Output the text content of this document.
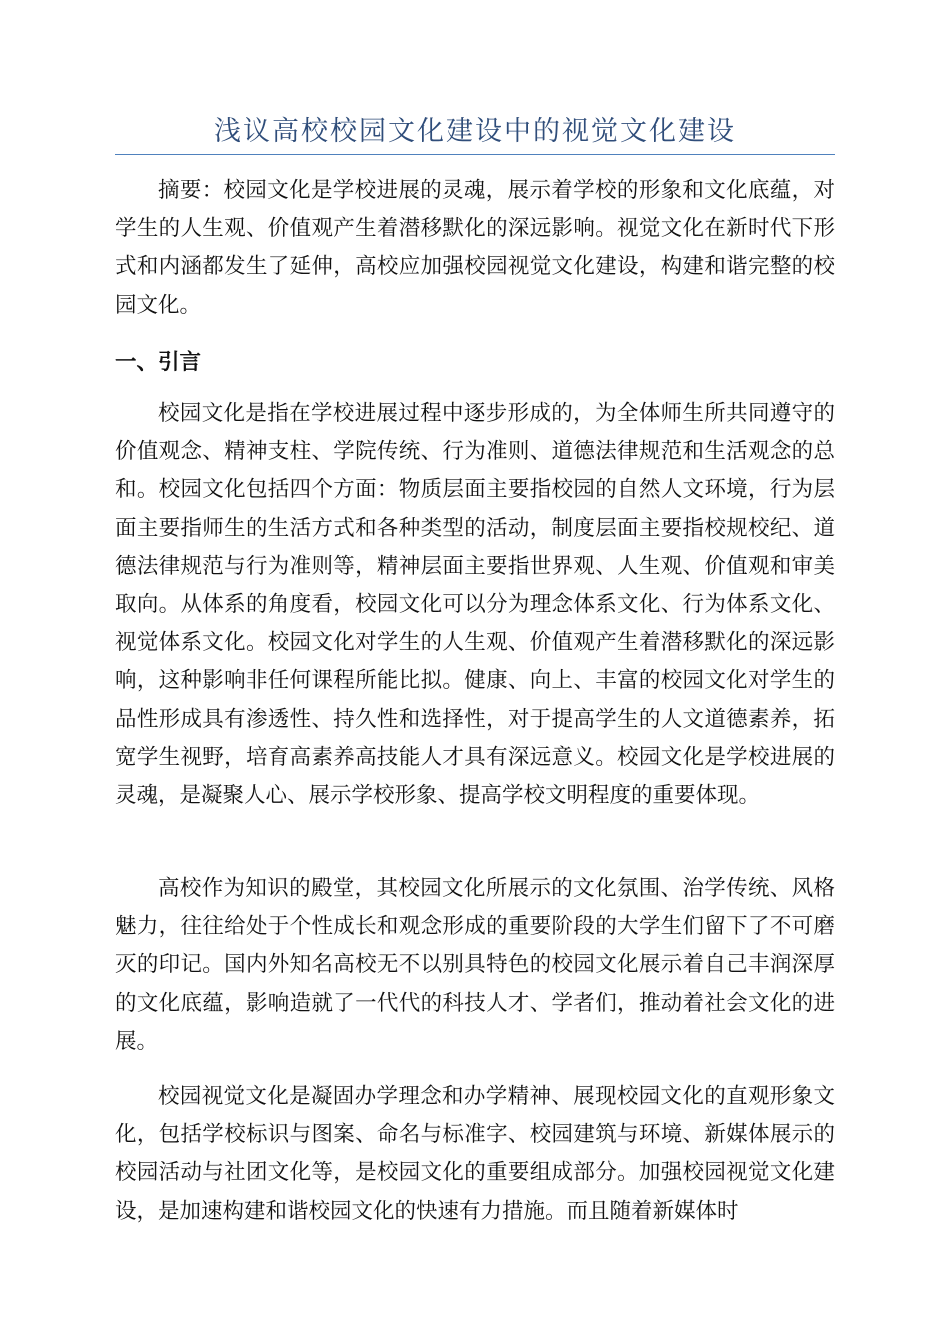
浅议高校校园文化建设中的视觉文化建设

摘要：校园文化是学校进展的灵魂，展示着学校的形象和文化底蕴，对学生的人生观、价值观产生着潜移默化的深远影响。视觉文化在新时代下形式和内涵都发生了延伸，高校应加强校园视觉文化建设，构建和谐完整的校园文化。

一、引言

校园文化是指在学校进展过程中逐步形成的，为全体师生所共同遵守的价值观念、精神支柱、学院传统、行为准则、道德法律规范和生活观念的总和。校园文化包括四个方面：物质层面主要指校园的自然人文环境，行为层面主要指师生的生活方式和各种类型的活动，制度层面主要指校规校纪、道德法律规范与行为准则等，精神层面主要指世界观、人生观、价值观和审美取向。从体系的角度看，校园文化可以分为理念体系文化、行为体系文化、视觉体系文化。校园文化对学生的人生观、价值观产生着潜移默化的深远影响，这种影响非任何课程所能比拟。健康、向上、丰富的校园文化对学生的品性形成具有渗透性、持久性和选择性，对于提高学生的人文道德素养，拓宽学生视野，培育高素养高技能人才具有深远意义。校园文化是学校进展的灵魂，是凝聚人心、展示学校形象、提高学校文明程度的重要体现。

高校作为知识的殿堂，其校园文化所展示的文化氛围、治学传统、风格魅力，往往给处于个性成长和观念形成的重要阶段的大学生们留下了不可磨灭的印记。国内外知名高校无不以别具特色的校园文化展示着自己丰润深厚的文化底蕴，影响造就了一代代的科技人才、学者们，推动着社会文化的进展。

校园视觉文化是凝固办学理念和办学精神、展现校园文化的直观形象文化，包括学校标识与图案、命名与标准字、校园建筑与环境、新媒体展示的校园活动与社团文化等，是校园文化的重要组成部分。加强校园视觉文化建设，是加速构建和谐校园文化的快速有力措施。而且随着新媒体时
